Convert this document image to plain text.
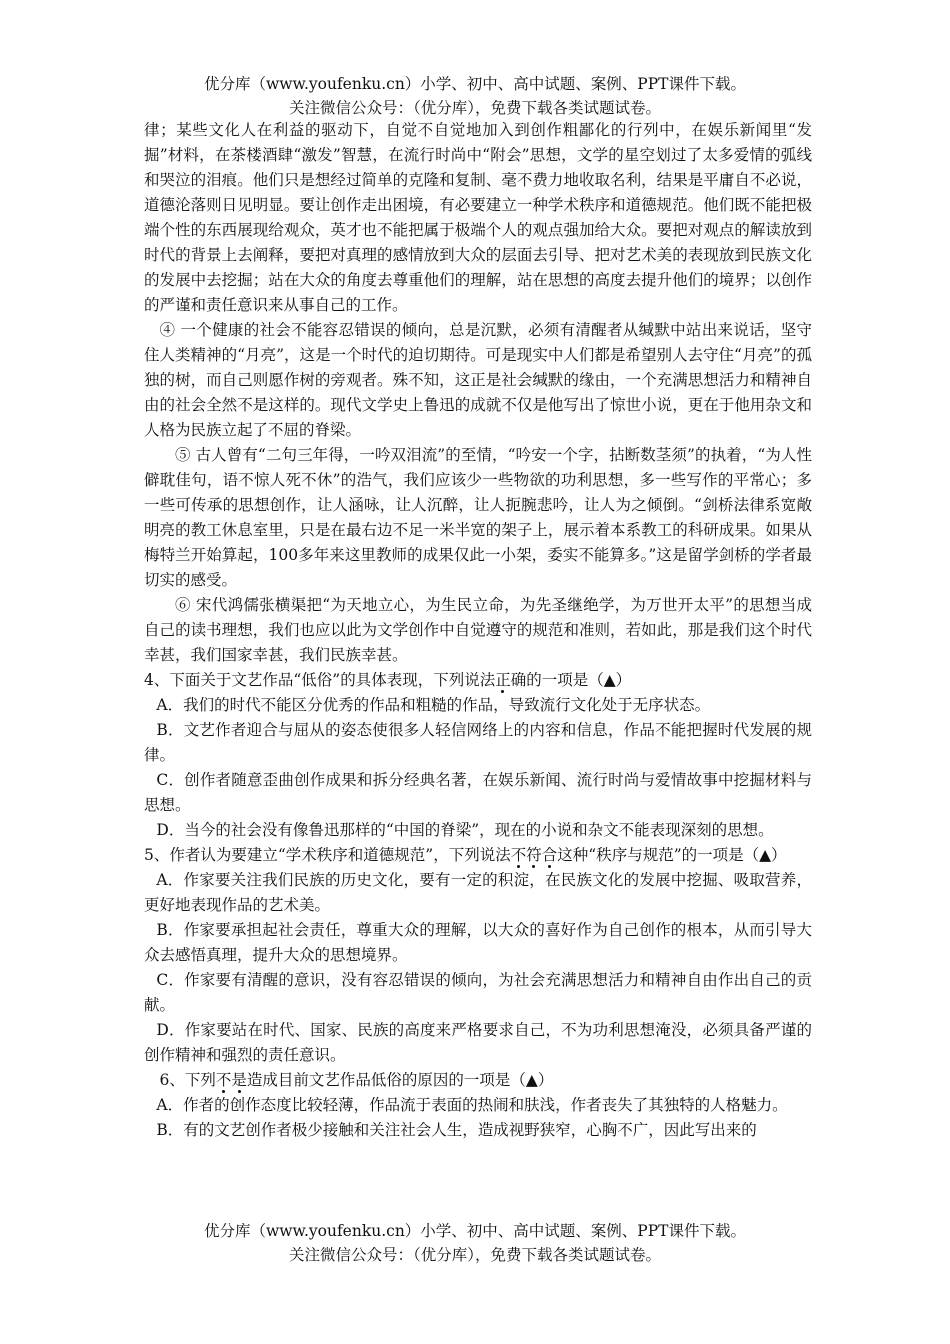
优分库（www.youfenku.cn）小学、初中、高中试题、案例、PPT课件下载。
关注微信公众号：（优分库），免费下载各类试题试卷。

律；某些文化人在利益的驱动下，自觉不自觉地加入到创作粗鄙化的行列中，在娱乐新闻里“发掘”材料，在茶楼酒肆“激发”智慧，在流行时尚中“附会”思想，文学的星空划过了太多爱情的弧线和哭泣的泪痕。他们只是想经过简单的克隆和复制、毫不费力地收取名利，结果是平庸自不必说，道德沦落则日见明显。要让创作走出困境，有必要建立一种学术秩序和道德规范。他们既不能把极端个性的东西展现给观众，英才也不能把属于极端个人的观点强加给大众。要把对观点的解读放到时代的背景上去阐释，要把对真理的感情放到大众的层面去引导、把对艺术美的表现放到民族文化的发展中去挖掘；站在大众的角度去尊重他们的理解，站在思想的高度去提升他们的境界；以创作的严谨和责任意识来从事自己的工作。

④ 一个健康的社会不能容忍错误的倾向，总是沉默，必须有清醒者从缄默中站出来说话，坚守住人类精神的“月亮”，这是一个时代的迫切期待。可是现实中人们都是希望别人去守住“月亮”的孤独的树，而自己则愿作树的旁观者。殊不知，这正是社会缄默的缘由，一个充满思想活力和精神自由的社会全然不是这样的。现代文学史上鲁迅的成就不仅是他写出了惊世小说，更在于他用杂文和人格为民族立起了不屈的脊梁。

⑤ 古人曾有“二句三年得，一吟双泪流”的至情，“吟安一个字，拈断数茎须”的执着，“为人性僻耽佳句，语不惊人死不休”的浩气，我们应该少一些物欲的功利思想，多一些写作的平常心；多一些可传承的思想创作，让人涵咏，让人沉醉，让人扼腕悲吟，让人为之倾倒。“剑桥法律系宽敞明亮的教工休息室里，只是在最右边不足一米半宽的架子上，展示着本系教工的科研成果。如果从梅特兰开始算起，100多年来这里教师的成果仅此一小架，委实不能算多。”这是留学剑桥的学者最切实的感受。

⑥ 宋代鸿儒张横渠把“为天地立心，为生民立命，为先圣继绝学，为万世开太平”的思想当成自己的读书理想，我们也应以此为文学创作中自觉遵守的规范和准则，若如此，那是我们这个时代幸甚，我们国家幸甚，我们民族幸甚。

4、下面关于文艺作品“低俗”的具体表现，下列说法正确的一项是（▲）

A．我们的时代不能区分优秀的作品和粗糙的作品，导致流行文化处于无序状态。

B．文艺作者迎合与屈从的姿态使很多人轻信网络上的内容和信息，作品不能把握时代发展的规律。

C．创作者随意歪曲创作成果和拆分经典名著，在娱乐新闻、流行时尚与爱情故事中挖掘材料与思想。

D．当今的社会没有像鲁迅那样的“中国的脊梁”，现在的小说和杂文不能表现深刻的思想。

5、作者认为要建立“学术秩序和道德规范”，下列说法不符合这种“秩序与规范”的一项是（▲）

A．作家要关注我们民族的历史文化，要有一定的积淀，在民族文化的发展中挖掘、吸取营养，更好地表现作品的艺术美。

B．作家要承担起社会责任，尊重大众的理解，以大众的喜好作为自己创作的根本，从而引导大众去感悟真理，提升大众的思想境界。

C．作家要有清醒的意识，没有容忍错误的倾向，为社会充满思想活力和精神自由作出自己的贡献。

D．作家要站在时代、国家、民族的高度来严格要求自己，不为功利思想淹没，必须具备严谨的创作精神和强烈的责任意识。

6、下列不是造成目前文艺作品低俗的原因的一项是（▲）

A．作者的创作态度比较轻薄，作品流于表面的热闹和肤浅，作者丧失了其独特的人格魅力。

B．有的文艺创作者极少接触和关注社会人生，造成视野狭窄，心胸不广，因此写出来的

优分库（www.youfenku.cn）小学、初中、高中试题、案例、PPT课件下载。
关注微信公众号：（优分库），免费下载各类试题试卷。
